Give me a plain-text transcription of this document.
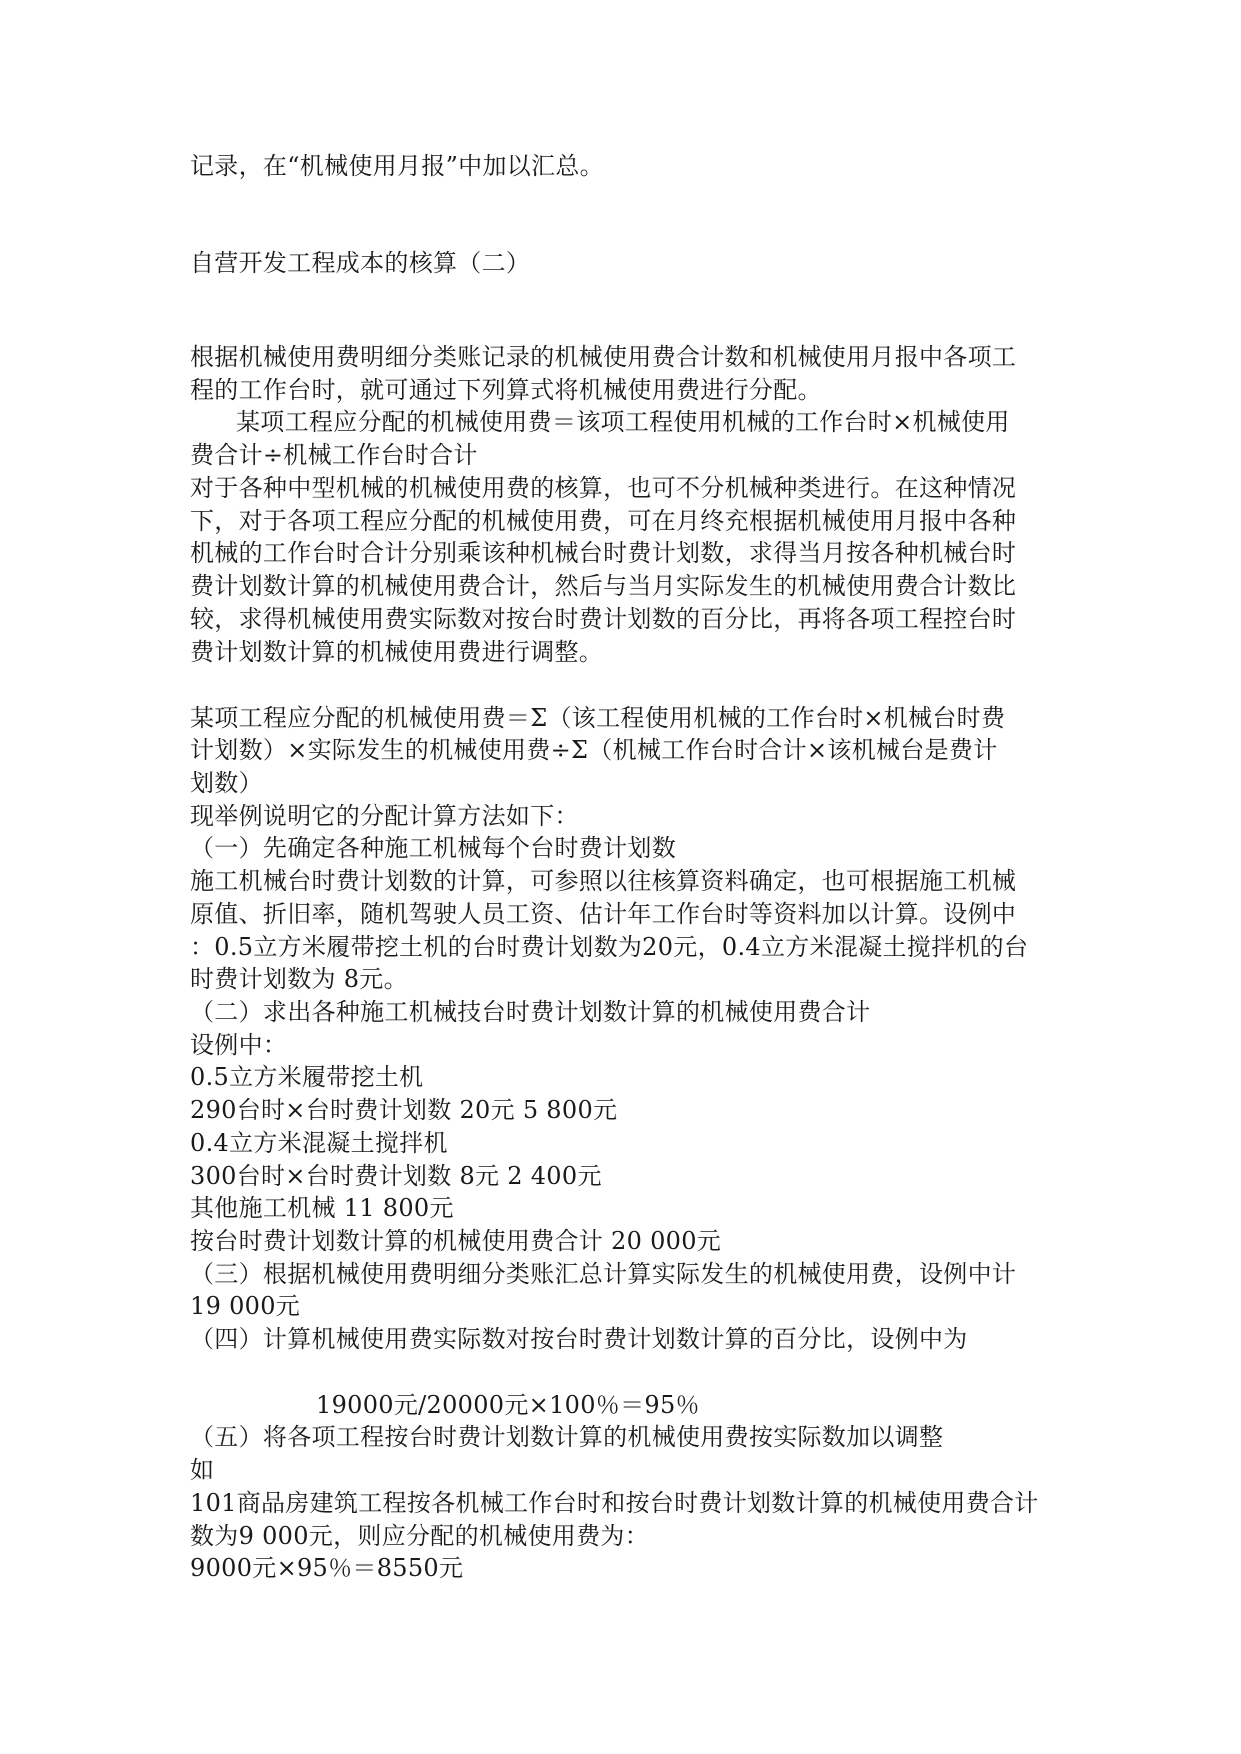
记录，在“机械使用月报”中加以汇总。
自营开发工程成本的核算（二）
根据机械使用费明细分类账记录的机械使用费合计数和机械使用月报中各项工
程的工作台时，就可通过下列算式将机械使用费进行分配。
某项工程应分配的机械使用费＝该项工程使用机械的工作台时×机械使用
费合计÷机械工作台时合计
对于各种中型机械的机械使用费的核算，也可不分机械种类进行。在这种情况
下，对于各项工程应分配的机械使用费，可在月终充根据机械使用月报中各种
机械的工作台时合计分别乘该种机械台时费计划数，求得当月按各种机械台时
费计划数计算的机械使用费合计，然后与当月实际发生的机械使用费合计数比
较，求得机械使用费实际数对按台时费计划数的百分比，再将各项工程控台时
费计划数计算的机械使用费进行调整。
某项工程应分配的机械使用费＝Σ（该工程使用机械的工作台时×机械台时费
计划数）×实际发生的机械使用费÷Σ（机械工作台时合计×该机械台是费计
划数）
现举例说明它的分配计算方法如下：
（一）先确定各种施工机械每个台时费计划数
施工机械台时费计划数的计算，可参照以往核算资料确定，也可根据施工机械
原值、折旧率，随机驾驶人员工资、估计年工作台时等资料加以计算。设例中
：0.5立方米履带挖土机的台时费计划数为20元，0.4立方米混凝土搅拌机的台
时费计划数为 8元。
（二）求出各种施工机械技台时费计划数计算的机械使用费合计
设例中：
0.5立方米履带挖土机
290台时×台时费计划数 20元 5 800元
0.4立方米混凝土搅拌机
300台时×台时费计划数 8元 2 400元
其他施工机械 11 800元
按台时费计划数计算的机械使用费合计 20 000元
（三）根据机械使用费明细分类账汇总计算实际发生的机械使用费，设例中计
19 000元
（四）计算机械使用费实际数对按台时费计划数计算的百分比，设例中为
19000元/20000元×100％＝95％
（五）将各项工程按台时费计划数计算的机械使用费按实际数加以调整
如
101商品房建筑工程按各机械工作台时和按台时费计划数计算的机械使用费合计
数为9 000元，则应分配的机械使用费为：
9000元×95％＝8550元
